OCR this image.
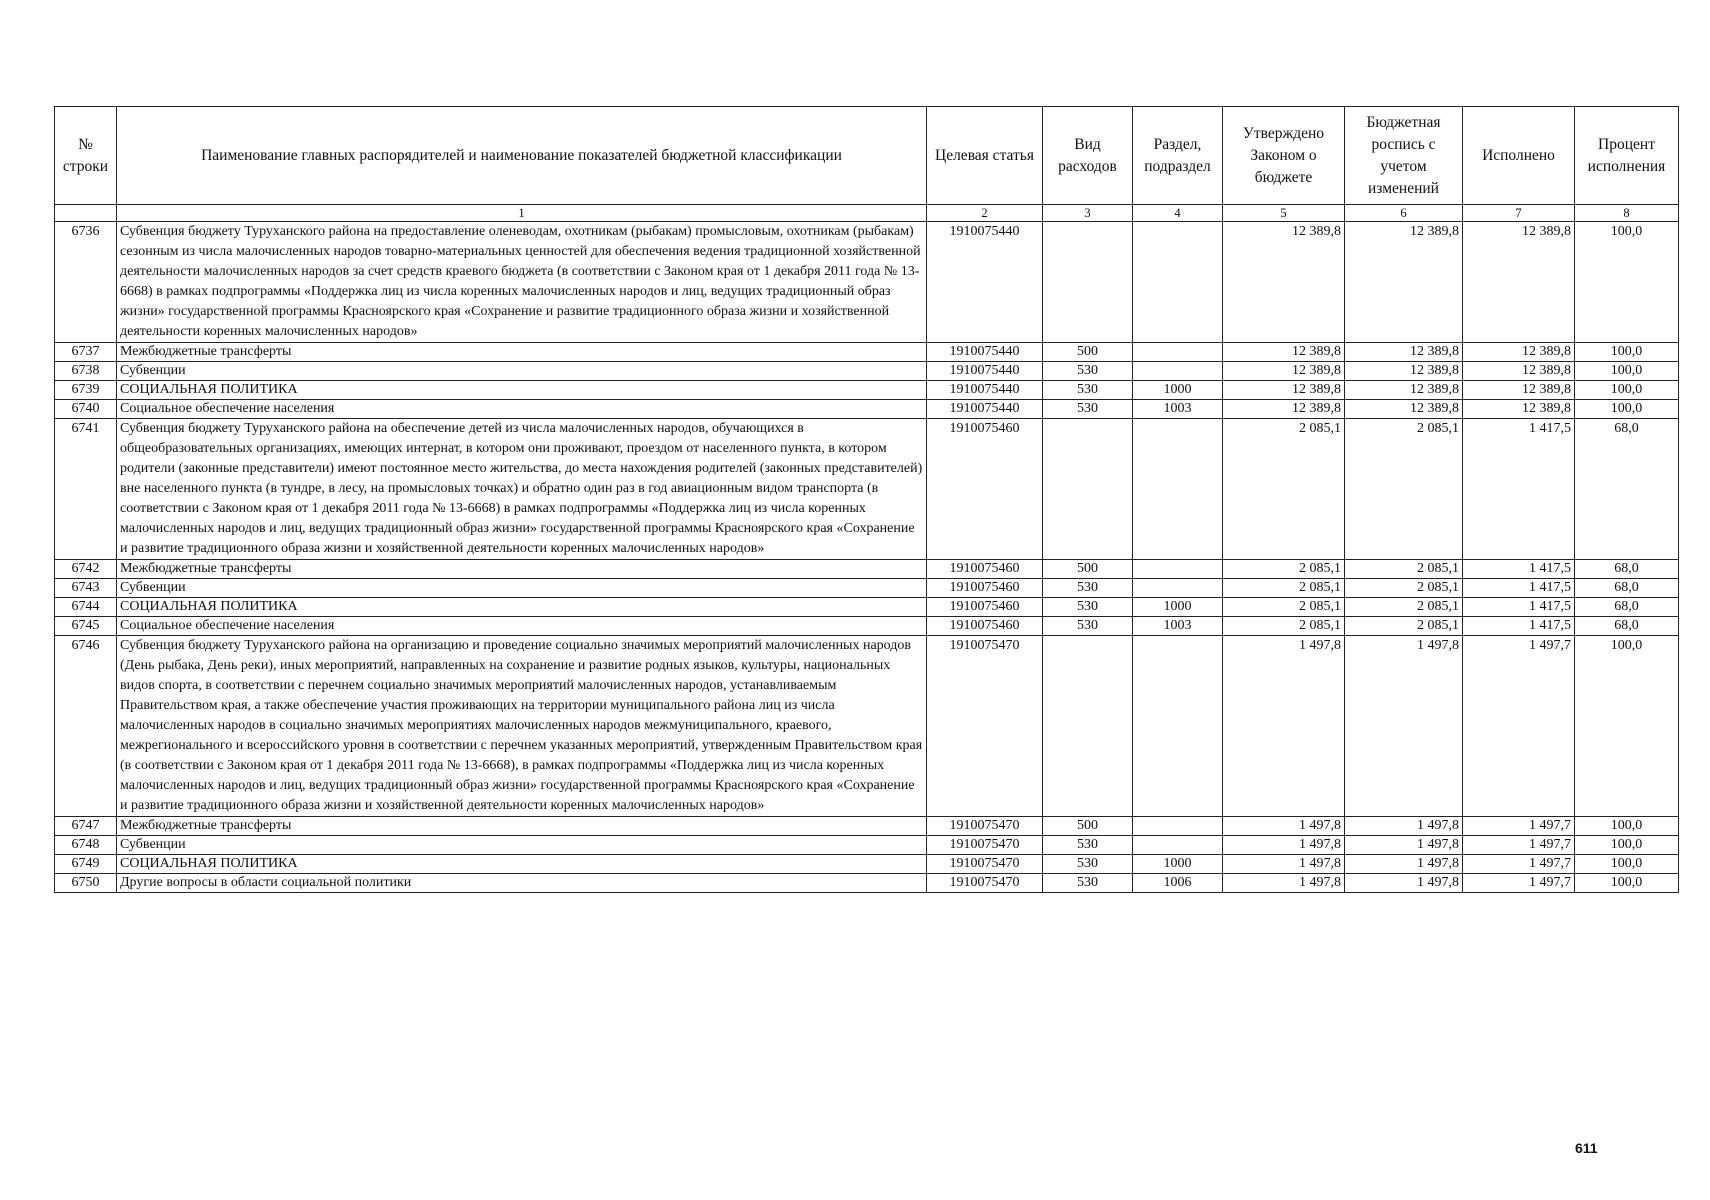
№ строки	Паименование главных распорядителей и наименование показателей бюджетной классификации	Целевая статья	Вид расходов	Раздел, подраздел	Утверждено Законом о бюджете	Бюджетная роспись с учетом изменений	Исполнено	Процент исполнения
	1	2	3	4	5	6	7	8
6736	Субвенция бюджету Туруханского района на предоставление оленеводам, охотникам (рыбакам) промысловым, охотникам (рыбакам) сезонным из числа малочисленных народов товарно-материальных ценностей для обеспечения ведения традиционной хозяйственной деятельности малочисленных народов за счет средств краевого бюджета (в соответствии с Законом края от 1 декабря 2011 года № 13-6668) в рамках подпрограммы «Поддержка лиц из числа коренных малочисленных народов и лиц, ведущих традиционный образ жизни» государственной программы Красноярского края «Сохранение и развитие традиционного образа жизни и хозяйственной деятельности коренных малочисленных народов»	1910075440			12 389,8	12 389,8	12 389,8	100,0
6737	Межбюджетные трансферты	1910075440	500		12 389,8	12 389,8	12 389,8	100,0
6738	Субвенции	1910075440	530		12 389,8	12 389,8	12 389,8	100,0
6739	СОЦИАЛЬНАЯ ПОЛИТИКА	1910075440	530	1000	12 389,8	12 389,8	12 389,8	100,0
6740	Социальное обеспечение населения	1910075440	530	1003	12 389,8	12 389,8	12 389,8	100,0
6741	Субвенция бюджету Туруханского района на обеспечение детей из числа малочисленных народов, обучающихся в общеобразовательных организациях, имеющих интернат, в котором они проживают, проездом от населенного пункта, в котором родители (законные представители) имеют постоянное место жительства, до места нахождения родителей (законных представителей) вне населенного пункта (в тундре, в лесу, на промысловых точках) и обратно один раз в год авиационным видом транспорта (в соответствии с Законом края от 1 декабря 2011 года № 13-6668) в рамках подпрограммы «Поддержка лиц из числа коренных малочисленных народов и лиц, ведущих традиционный образ жизни» государственной программы Красноярского края «Сохранение и развитие традиционного образа жизни и хозяйственной деятельности коренных малочисленных народов»	1910075460			2 085,1	2 085,1	1 417,5	68,0
6742	Межбюджетные трансферты	1910075460	500		2 085,1	2 085,1	1 417,5	68,0
6743	Субвенции	1910075460	530		2 085,1	2 085,1	1 417,5	68,0
6744	СОЦИАЛЬНАЯ ПОЛИТИКА	1910075460	530	1000	2 085,1	2 085,1	1 417,5	68,0
6745	Социальное обеспечение населения	1910075460	530	1003	2 085,1	2 085,1	1 417,5	68,0
6746	Субвенция бюджету Туруханского района на организацию и проведение социально значимых мероприятий малочисленных народов (День рыбака, День реки), иных мероприятий, направленных на сохранение и развитие родных языков, культуры, национальных видов спорта, в соответствии с перечнем социально значимых мероприятий малочисленных народов, устанавливаемым Правительством края, а также обеспечение участия проживающих на территории муниципального района лиц из числа малочисленных народов в социально значимых мероприятиях малочисленных народов межмуниципального, краевого, межрегионального и всероссийского уровня в соответствии с перечнем указанных мероприятий, утвержденным Правительством края (в соответствии с Законом края от 1 декабря 2011 года № 13-6668), в рамках подпрограммы «Поддержка лиц из числа коренных малочисленных народов и лиц, ведущих традиционный образ жизни» государственной программы Красноярского края «Сохранение и развитие традиционного образа жизни и хозяйственной деятельности коренных малочисленных народов»	1910075470			1 497,8	1 497,8	1 497,7	100,0
6747	Межбюджетные трансферты	1910075470	500		1 497,8	1 497,8	1 497,7	100,0
6748	Субвенции	1910075470	530		1 497,8	1 497,8	1 497,7	100,0
6749	СОЦИАЛЬНАЯ ПОЛИТИКА	1910075470	530	1000	1 497,8	1 497,8	1 497,7	100,0
6750	Другие вопросы в области социальной политики	1910075470	530	1006	1 497,8	1 497,8	1 497,7	100,0
611
